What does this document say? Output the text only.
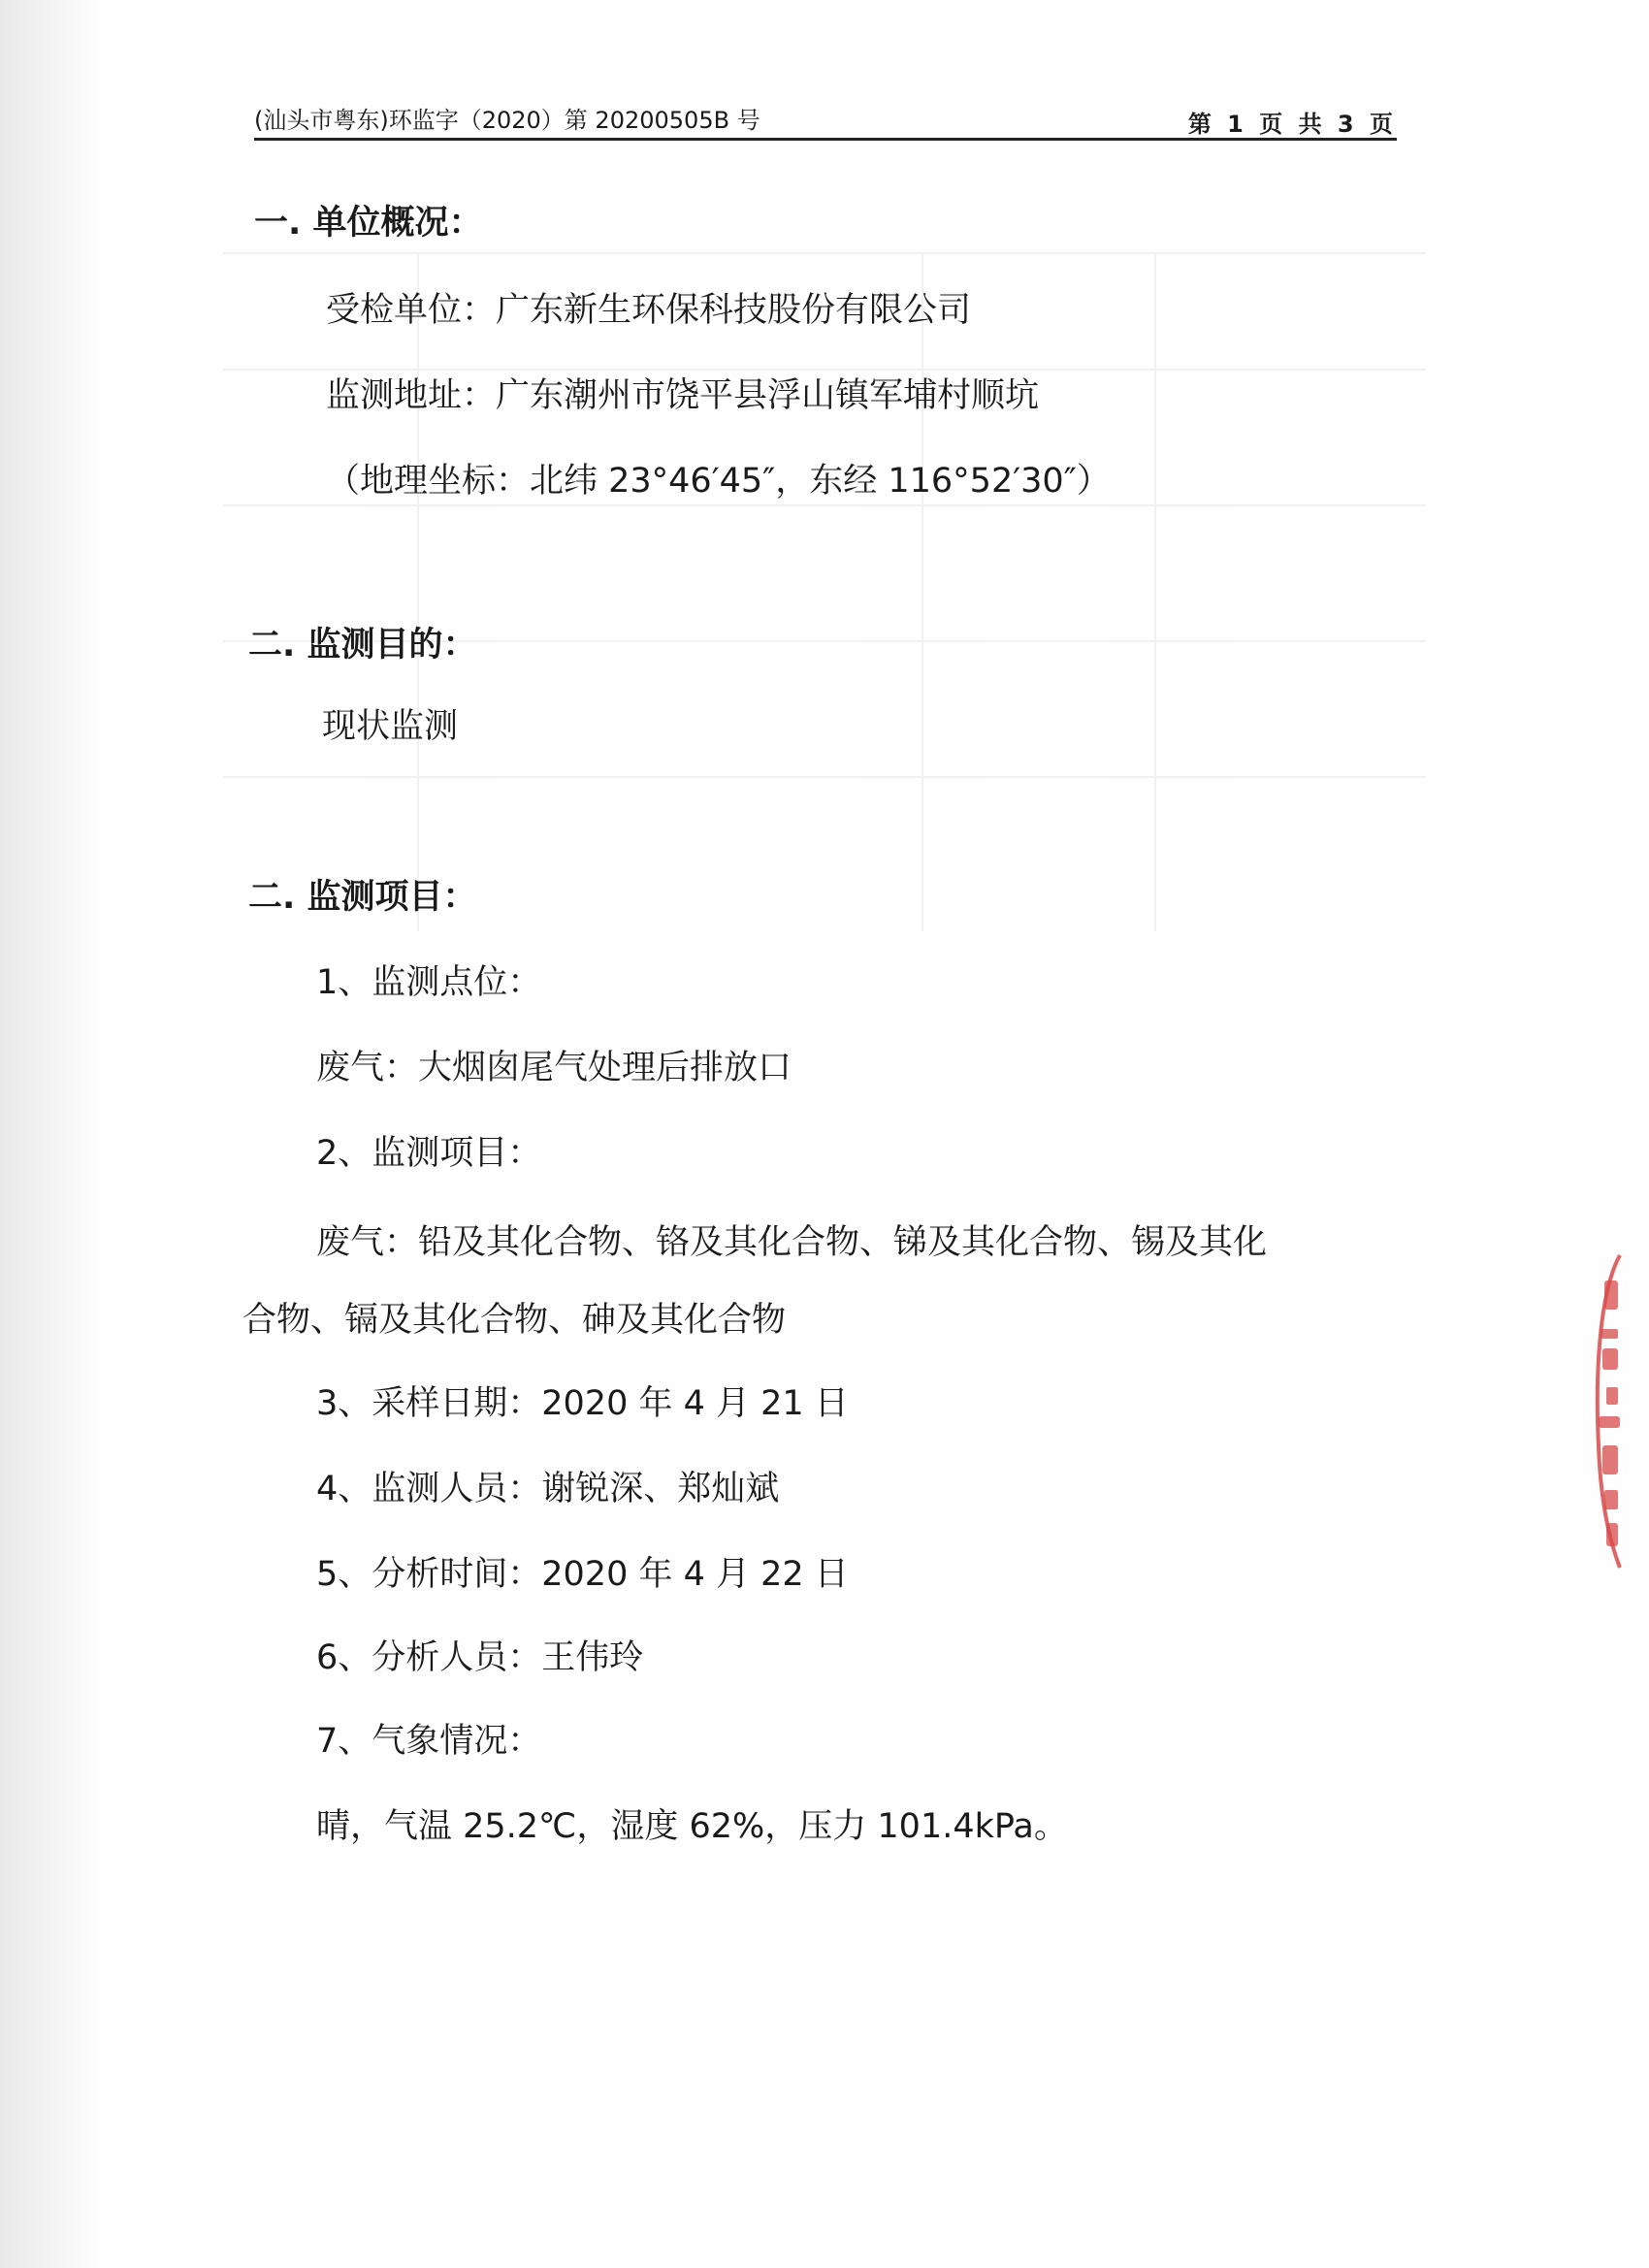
(汕头市粤东)环监字（2020）第 20200505B 号	第 1 页 共 3 页
一. 单位概况：
受检单位：广东新生环保科技股份有限公司
监测地址：广东潮州市饶平县浮山镇军埔村顺坑
（地理坐标：北纬 23°46′45″，东经 116°52′30″）
二. 监测目的：
现状监测
二. 监测项目：
1、监测点位：
废气：大烟囱尾气处理后排放口
2、监测项目：
废气：铅及其化合物、铬及其化合物、锑及其化合物、锡及其化
合物、镉及其化合物、砷及其化合物
3、采样日期：2020 年 4 月 21 日
4、监测人员：谢锐深、郑灿斌
5、分析时间：2020 年 4 月 22 日
6、分析人员：王伟玲
7、气象情况：
晴，气温 25.2℃，湿度 62%，压力 101.4kPa。
